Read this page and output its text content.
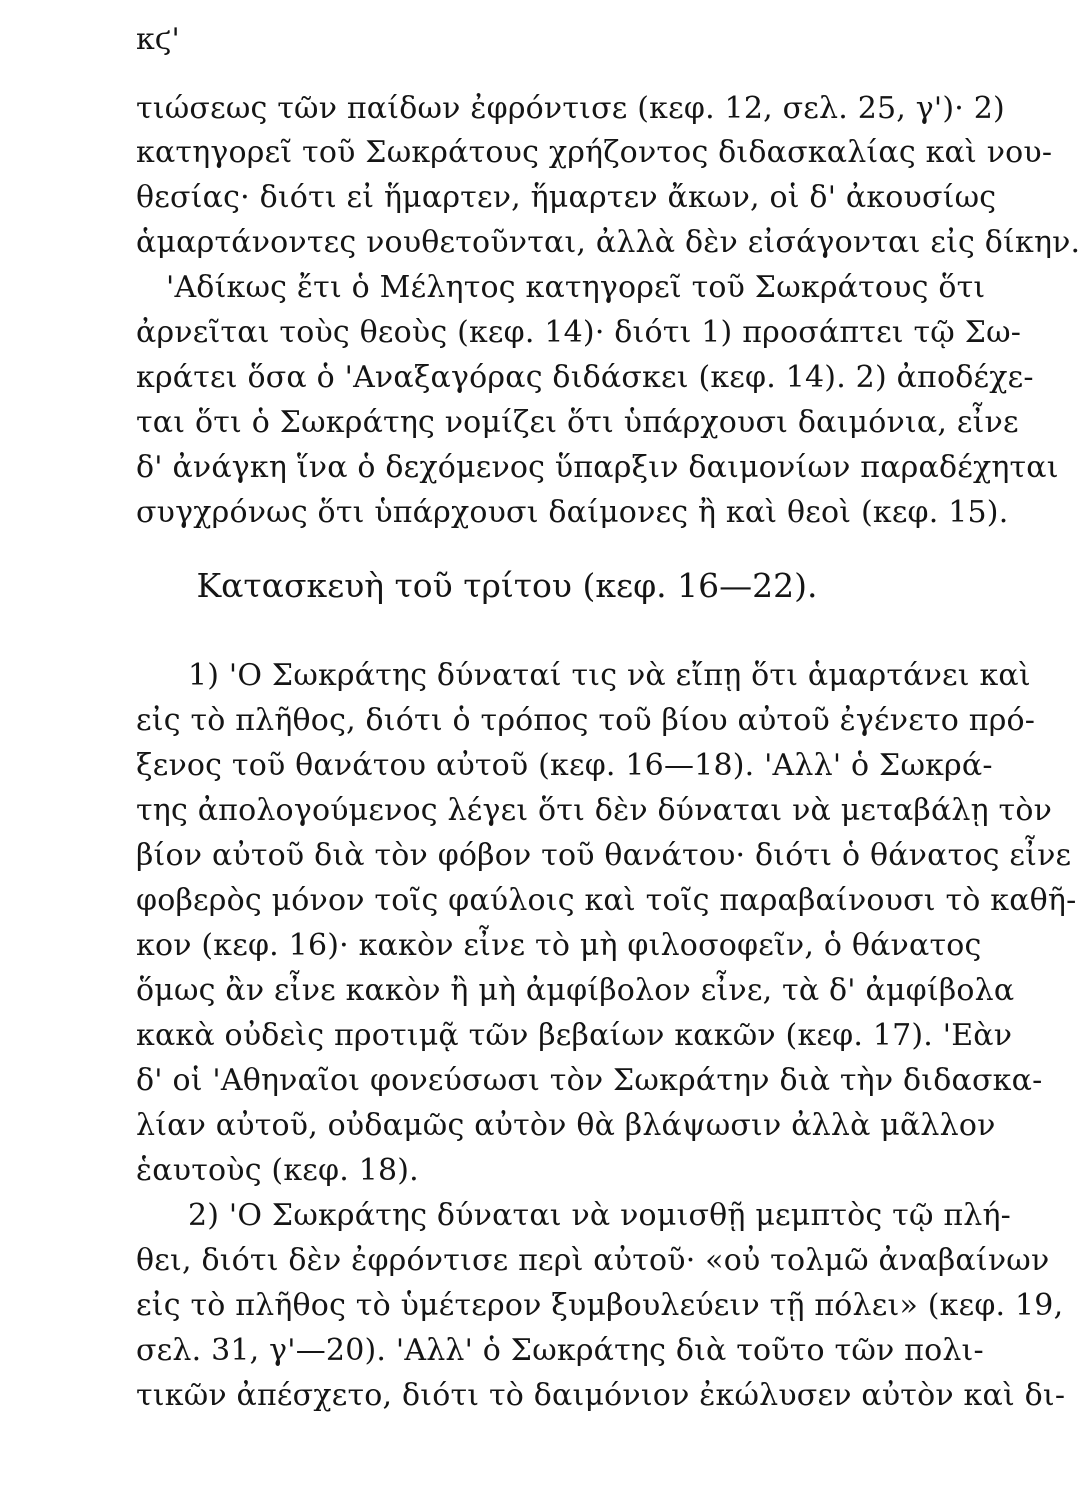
κϛ'
τιώσεως τῶν παίδων ἐφρόντισε (κεφ. 12, σελ. 25, γ')· 2)
κατηγορεῖ τοῦ Σωκράτους χρήζοντος διδασκαλίας καὶ νου-
θεσίας· διότι εἰ ἥμαρτεν, ἥμαρτεν ἄκων, οἱ δ' ἀκουσίως
ἁμαρτάνοντες νουθετοῦνται, ἀλλὰ δὲν εἰσάγονται εἰς δίκην.
'Αδίκως ἔτι ὁ Μέλητος κατηγορεῖ τοῦ Σωκράτους ὅτι
ἀρνεῖται τοὺς θεοὺς (κεφ. 14)· διότι 1) προσάπτει τῷ Σω-
κράτει ὅσα ὁ 'Αναξαγόρας διδάσκει (κεφ. 14). 2) ἀποδέχε-
ται ὅτι ὁ Σωκράτης νομίζει ὅτι ὑπάρχουσι δαιμόνια, εἶνε
δ' ἀνάγκη ἵνα ὁ δεχόμενος ὕπαρξιν δαιμονίων παραδέχηται
συγχρόνως ὅτι ὑπάρχουσι δαίμονες ἢ καὶ θεοὶ (κεφ. 15).
Κατασκευὴ τοῦ τρίτου (κεφ. 16—22).
1) 'Ο Σωκράτης δύναταί τις νὰ εἴπῃ ὅτι ἁμαρτάνει καὶ
εἰς τὸ πλῆθος, διότι ὁ τρόπος τοῦ βίου αὐτοῦ ἐγένετο πρό-
ξενος τοῦ θανάτου αὐτοῦ (κεφ. 16—18). 'Αλλ' ὁ Σωκρά-
της ἀπολογούμενος λέγει ὅτι δὲν δύναται νὰ μεταβάλῃ τὸν
βίον αὐτοῦ διὰ τὸν φόβον τοῦ θανάτου· διότι ὁ θάνατος εἶνε
φοβερὸς μόνον τοῖς φαύλοις καὶ τοῖς παραβαίνουσι τὸ καθῆ-
κον (κεφ. 16)· κακὸν εἶνε τὸ μὴ φιλοσοφεῖν, ὁ θάνατος
ὅμως ἂν εἶνε κακὸν ἢ μὴ ἀμφίβολον εἶνε, τὰ δ' ἀμφίβολα
κακὰ οὐδεὶς προτιμᾷ τῶν βεβαίων κακῶν (κεφ. 17). 'Εὰν
δ' οἱ 'Αθηναῖοι φονεύσωσι τὸν Σωκράτην διὰ τὴν διδασκα-
λίαν αὐτοῦ, οὐδαμῶς αὐτὸν θὰ βλάψωσιν ἀλλὰ μᾶλλον
ἑαυτοὺς (κεφ. 18).
2) 'Ο Σωκράτης δύναται νὰ νομισθῇ μεμπτὸς τῷ πλή-
θει, διότι δὲν ἐφρόντισε περὶ αὐτοῦ· «οὐ τολμῶ ἀναβαίνων
εἰς τὸ πλῆθος τὸ ὑμέτερον ξυμβουλεύειν τῇ πόλει» (κεφ. 19,
σελ. 31, γ'—20). 'Αλλ' ὁ Σωκράτης διὰ τοῦτο τῶν πολι-
τικῶν ἀπέσχετο, διότι τὸ δαιμόνιον ἐκώλυσεν αὐτὸν καὶ δι-
